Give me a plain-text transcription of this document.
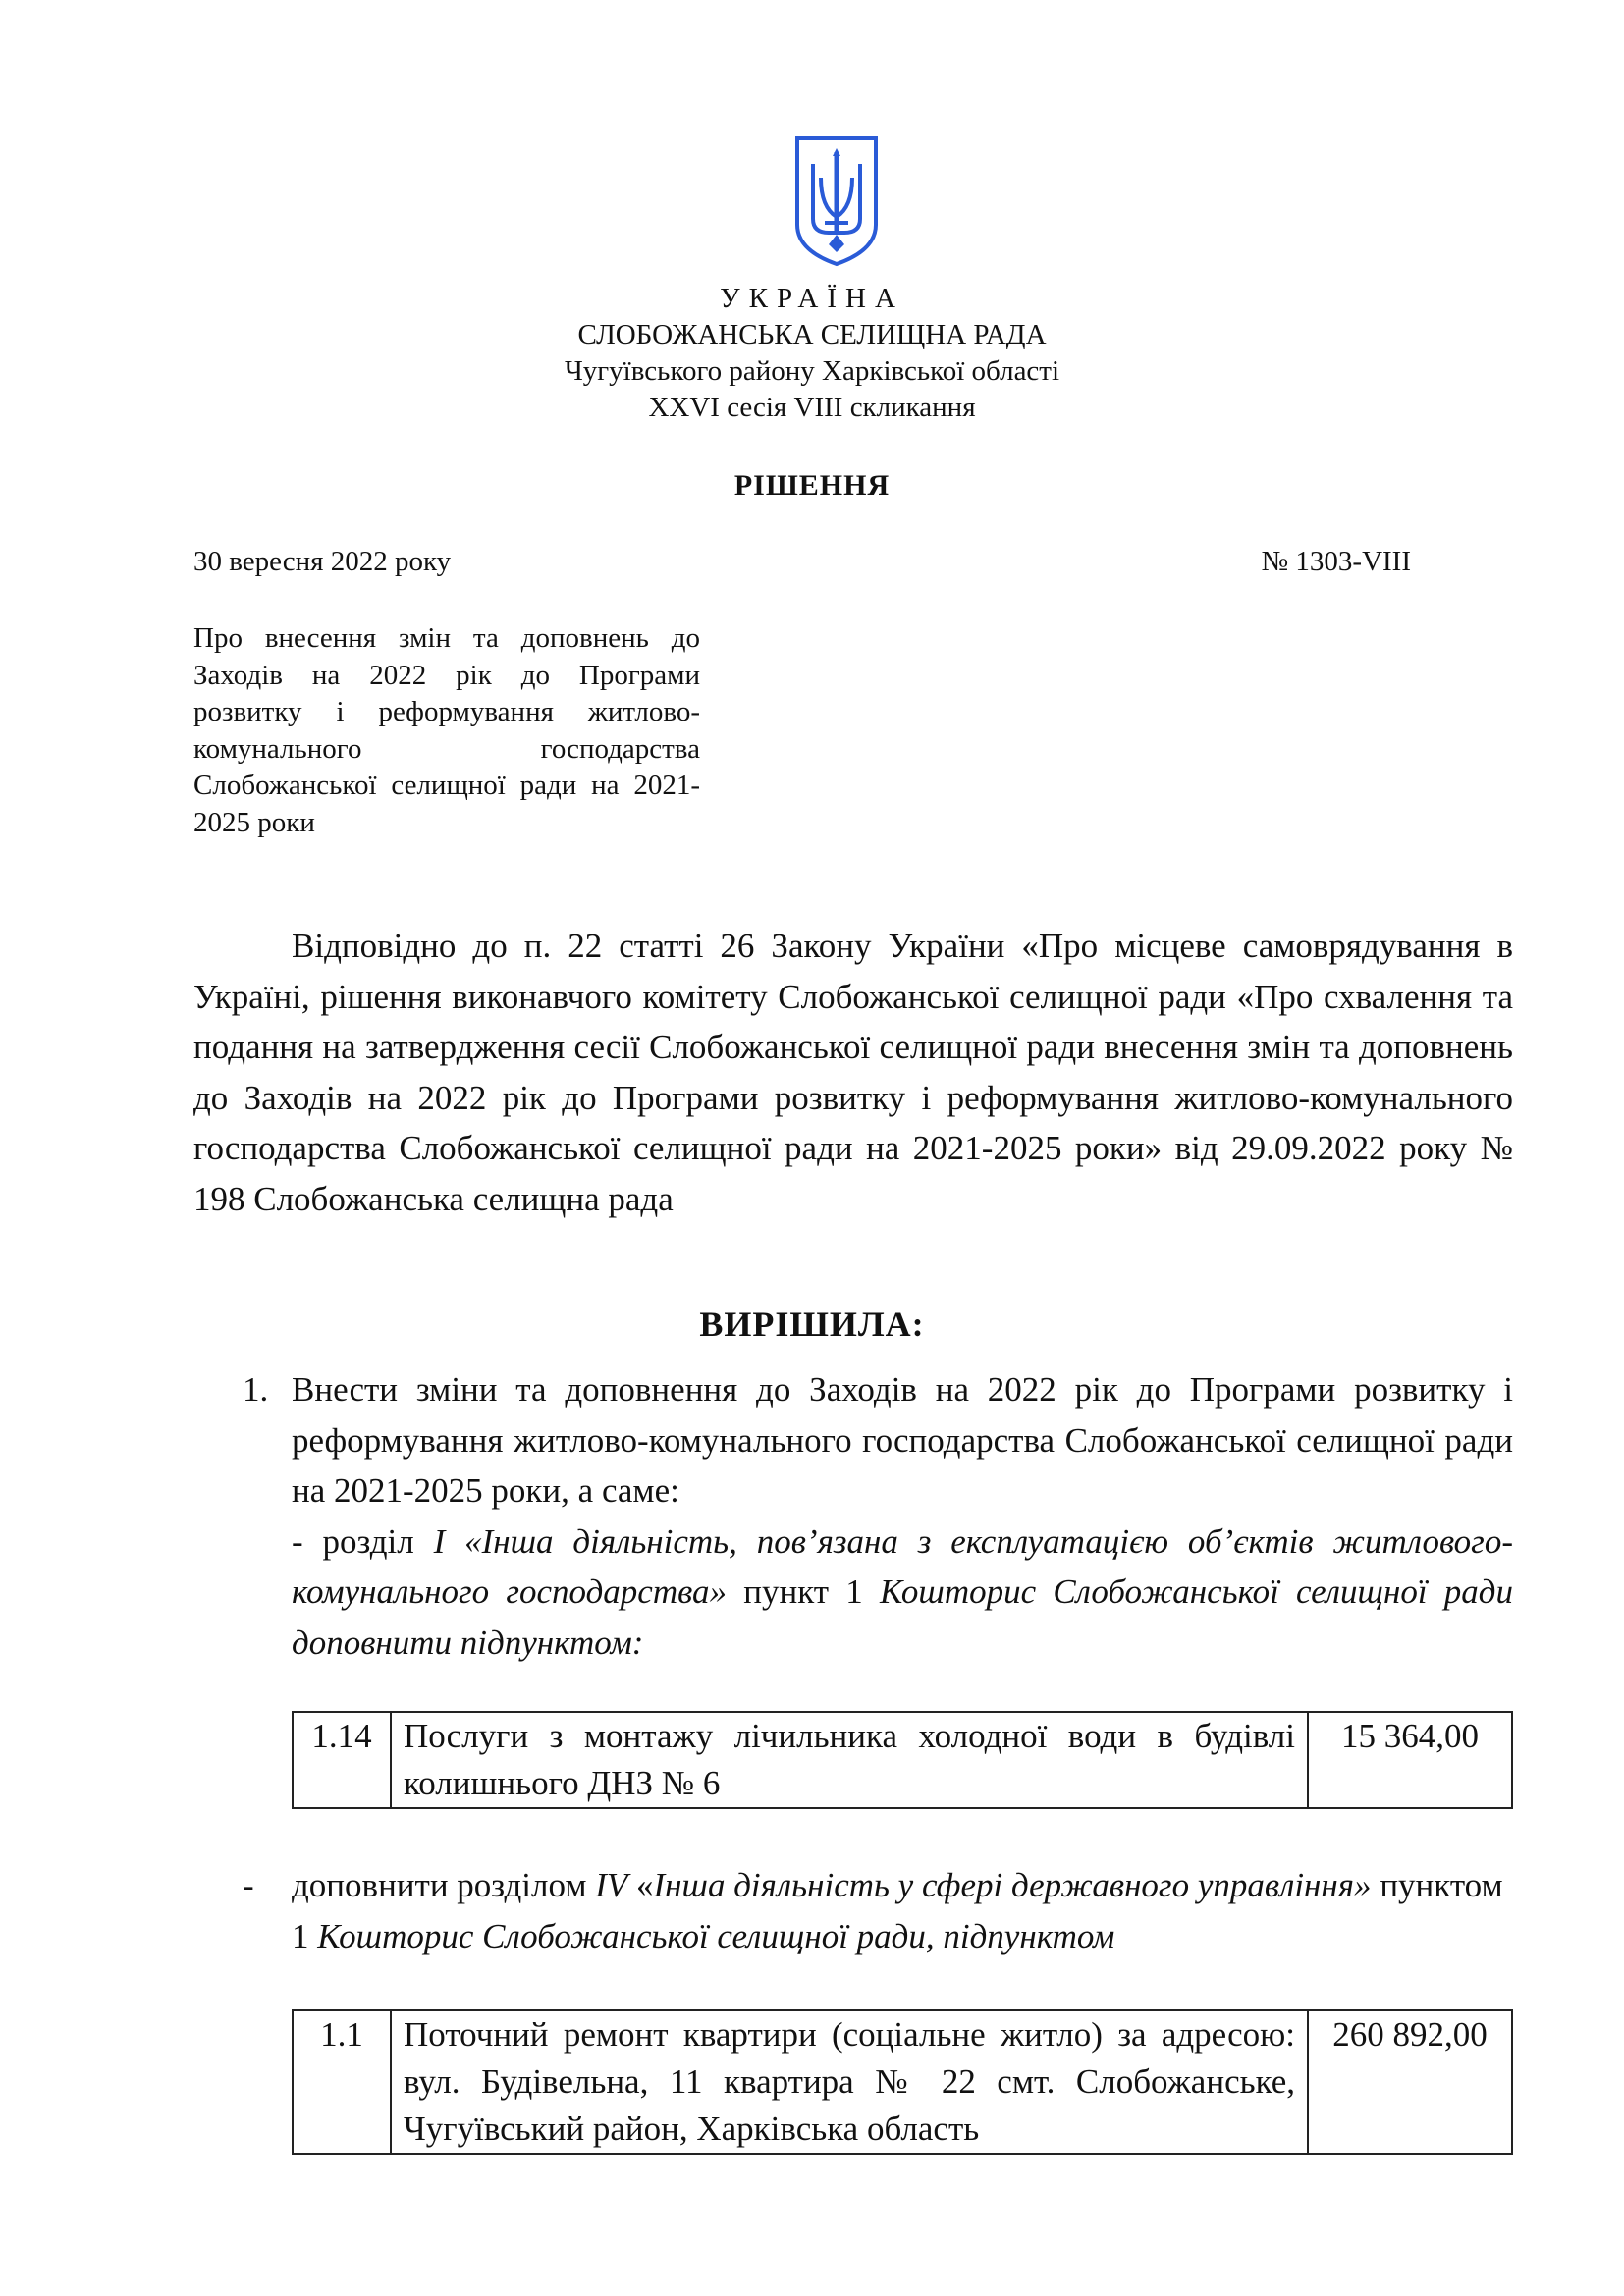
УКРАЇНА
СЛОБОЖАНСЬКА СЕЛИЩНА РАДА
Чугуївського району Харківської області
XXVI сесія VIII скликання
РІШЕННЯ
30 вересня 2022 року	№ 1303-VIII
Про внесення змін та доповнень до Заходів на 2022 рік до Програми розвитку і реформування житлово-комунального господарства Слобожанської селищної ради на 2021-2025 роки
Відповідно до п. 22 статті 26 Закону України «Про місцеве самоврядування в Україні, рішення виконавчого комітету Слобожанської селищної ради «Про схвалення та подання на затвердження сесії Слобожанської селищної ради внесення змін та доповнень до Заходів на 2022 рік до Програми розвитку і реформування житлово-комунального господарства Слобожанської селищної ради на 2021-2025 роки» від 29.09.2022 року № 198 Слобожанська селищна рада
ВИРІШИЛА:
1. Внести зміни та доповнення до Заходів на 2022 рік до Програми розвитку і реформування житлово-комунального господарства Слобожанської селищної ради на 2021-2025 роки, а саме:
- розділ I «Інша діяльність, пов’язана з експлуатацією об’єктів житлового-комунального господарства» пункт 1 Кошторис Слобожанської селищної ради доповнити підпунктом:
1.14	Послуги з монтажу лічильника холодної води в будівлі колишнього ДНЗ № 6	15 364,00
- доповнити розділом IV «Інша діяльність у сфері державного управління» пунктом 1 Кошторис Слобожанської селищної ради, підпунктом
1.1	Поточний ремонт квартири (соціальне житло) за адресою: вул. Будівельна, 11 квартира № 22 смт. Слобожанське, Чугуївський район, Харківська область	260 892,00
